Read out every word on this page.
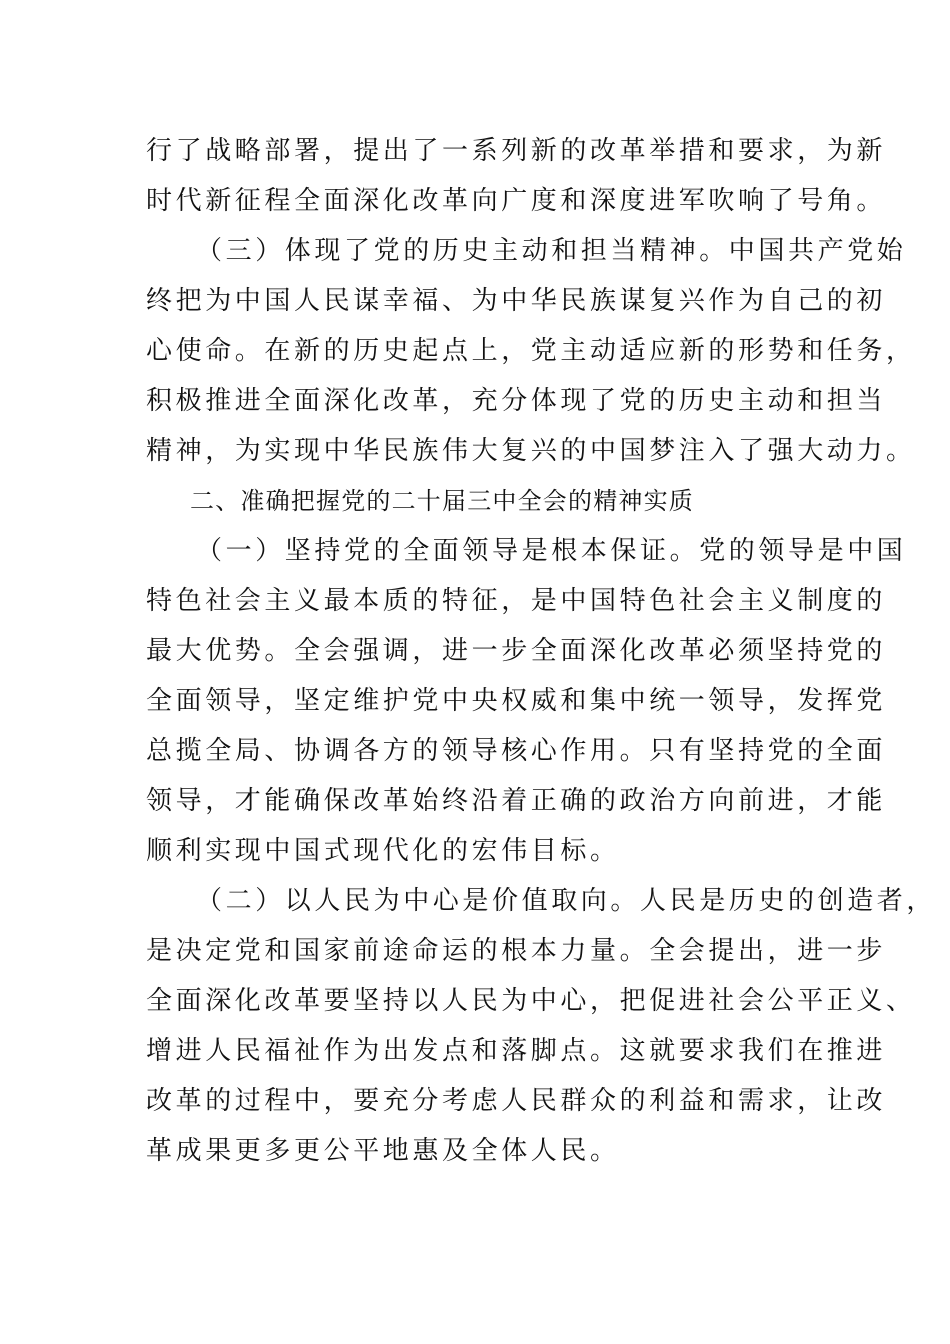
行了战略部署，提出了一系列新的改革举措和要求，为新
时代新征程全面深化改革向广度和深度进军吹响了号角。
（三）体现了党的历史主动和担当精神。中国共产党始
终把为中国人民谋幸福、为中华民族谋复兴作为自己的初
心使命。在新的历史起点上，党主动适应新的形势和任务，
积极推进全面深化改革，充分体现了党的历史主动和担当
精神，为实现中华民族伟大复兴的中国梦注入了强大动力。
二、准确把握党的二十届三中全会的精神实质
（一）坚持党的全面领导是根本保证。党的领导是中国
特色社会主义最本质的特征，是中国特色社会主义制度的
最大优势。全会强调，进一步全面深化改革必须坚持党的
全面领导，坚定维护党中央权威和集中统一领导，发挥党
总揽全局、协调各方的领导核心作用。只有坚持党的全面
领导，才能确保改革始终沿着正确的政治方向前进，才能
顺利实现中国式现代化的宏伟目标。
（二）以人民为中心是价值取向。人民是历史的创造者，
是决定党和国家前途命运的根本力量。全会提出，进一步
全面深化改革要坚持以人民为中心，把促进社会公平正义、
增进人民福祉作为出发点和落脚点。这就要求我们在推进
改革的过程中，要充分考虑人民群众的利益和需求，让改
革成果更多更公平地惠及全体人民。
